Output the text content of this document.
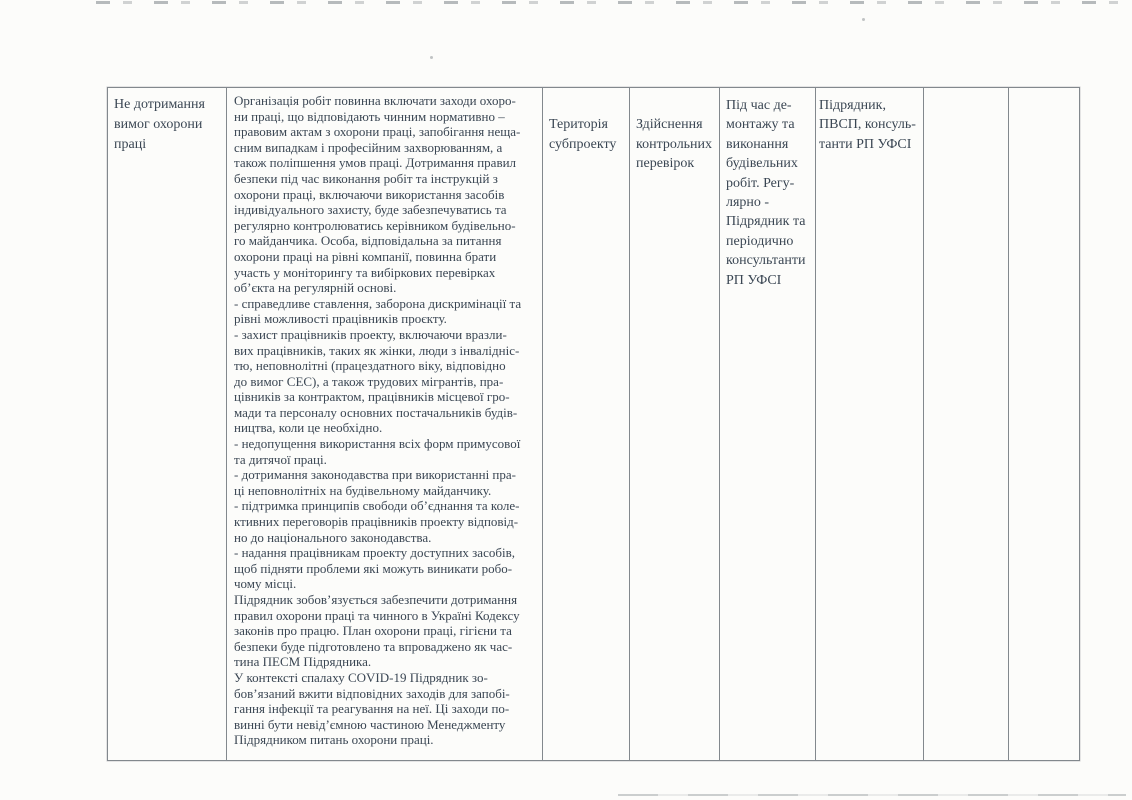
Не дотримання
вимог охорони
праці
Організація робіт повинна включати заходи охоро-
ни праці, що відповідають чинним нормативно –
правовим актам з охорони праці, запобігання неща-
сним випадкам і професійним захворюванням, а
також поліпшення умов праці. Дотримання правил
безпеки під час виконання робіт та інструкцій з
охорони праці, включаючи використання засобів
індивідуального захисту, буде забезпечуватись та
регулярно контролюватись керівником будівельно-
го майданчика. Особа, відповідальна за питання
охорони праці на рівні компанії, повинна брати
участь у моніторингу та вибіркових перевірках
об’єкта на регулярній основі.
- справедливе ставлення, заборона дискримінації та
рівні можливості працівників проєкту.
- захист працівників проекту, включаючи вразли-
вих працівників, таких як жінки, люди з інвалідніс-
тю, неповнолітні (працездатного віку, відповідно
до вимог СЕС), а також трудових мігрантів, пра-
цівників за контрактом, працівників місцевої гро-
мади та персоналу основних постачальників будів-
ництва, коли це необхідно.
- недопущення використання всіх форм примусової
та дитячої праці.
- дотримання законодавства при використанні пра-
ці неповнолітніх на будівельному майданчику.
- підтримка принципів свободи об’єднання та коле-
ктивних переговорів працівників проекту відповід-
но до національного законодавства.
- надання працівникам проекту доступних засобів,
щоб підняти проблеми які можуть виникати робо-
чому місці.
Підрядник зобов’язується забезпечити дотримання
правил охорони праці та чинного в Україні Кодексу
законів про працю. План охорони праці, гігієни та
безпеки буде підготовлено та впроваджено як час-
тина ПЕСМ Підрядника.
У контексті спалаху COVID-19 Підрядник зо-
бов’язаний вжити відповідних заходів для запобі-
гання інфекції та реагування на неї. Ці заходи по-
винні бути невід’ємною частиною Менеджменту
Підрядником питань охорони праці.
Територія
субпроекту
Здійснення
контрольних
перевірок
Під час де-
монтажу та
виконання
будівельних
робіт. Регу-
лярно -
Підрядник та
періодично
консультанти
РП УФСІ
Підрядник,
ПВСП, консуль-
танти РП УФСІ
